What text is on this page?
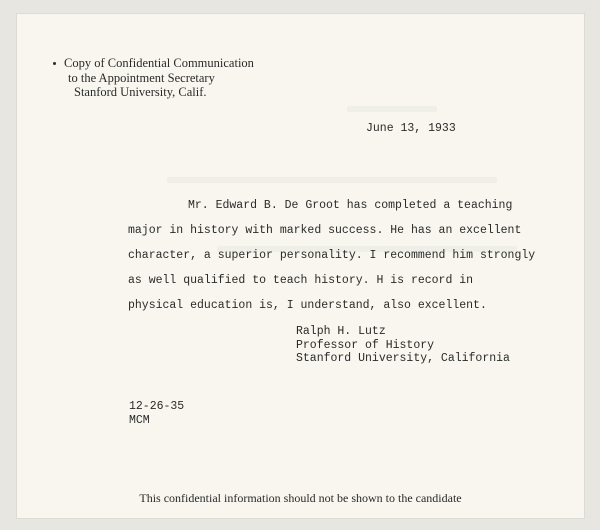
Copy of Confidential Communication
to the Appointment Secretary
Stanford University, Calif.
June 13, 1933
Mr. Edward B. De Groot has completed a teaching
major in history with marked success. He has an excellent
character, a superior personality. I recommend him strongly
as well qualified to teach history. H is record in
physical education is, I understand, also excellent.
Ralph H. Lutz
Professor of History
Stanford University, California
12-26-35
MCM
This confidential information should not be shown to the candidate
